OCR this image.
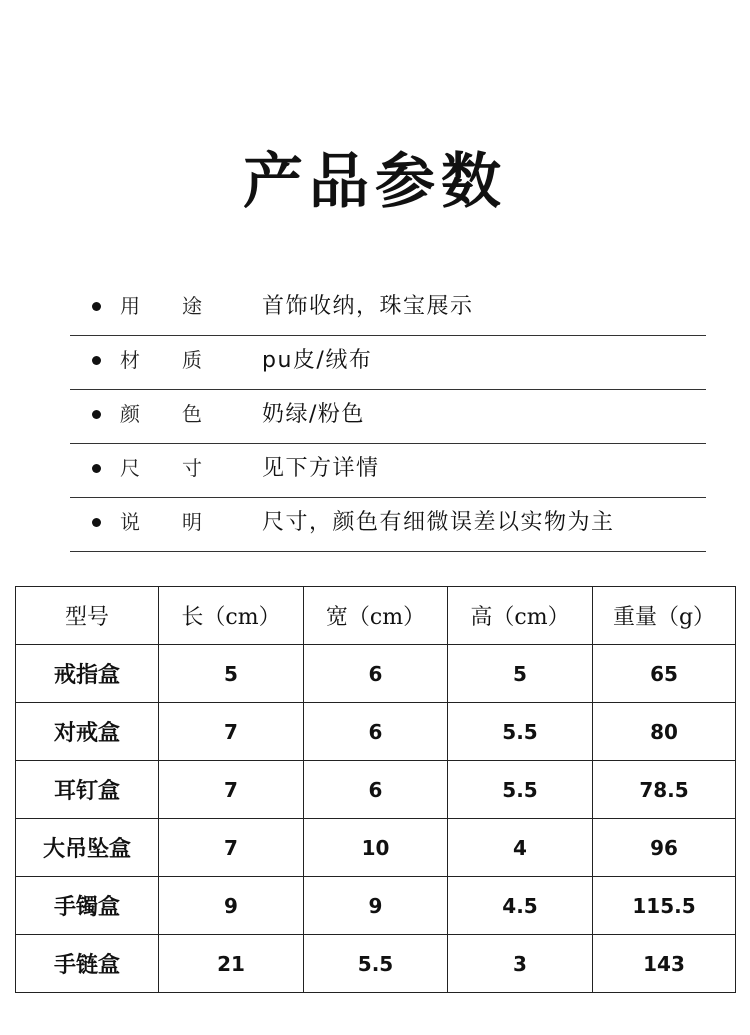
产品参数
用 途	首饰收纳，珠宝展示
材 质	pu皮/绒布
颜 色	奶绿/粉色
尺 寸	见下方详情
说 明	尺寸，颜色有细微误差以实物为主
型号	长（cm）	宽（cm）	高（cm）	重量（g）
戒指盒	5	6	5	65
对戒盒	7	6	5.5	80
耳钉盒	7	6	5.5	78.5
大吊坠盒	7	10	4	96
手镯盒	9	9	4.5	115.5
手链盒	21	5.5	3	143
